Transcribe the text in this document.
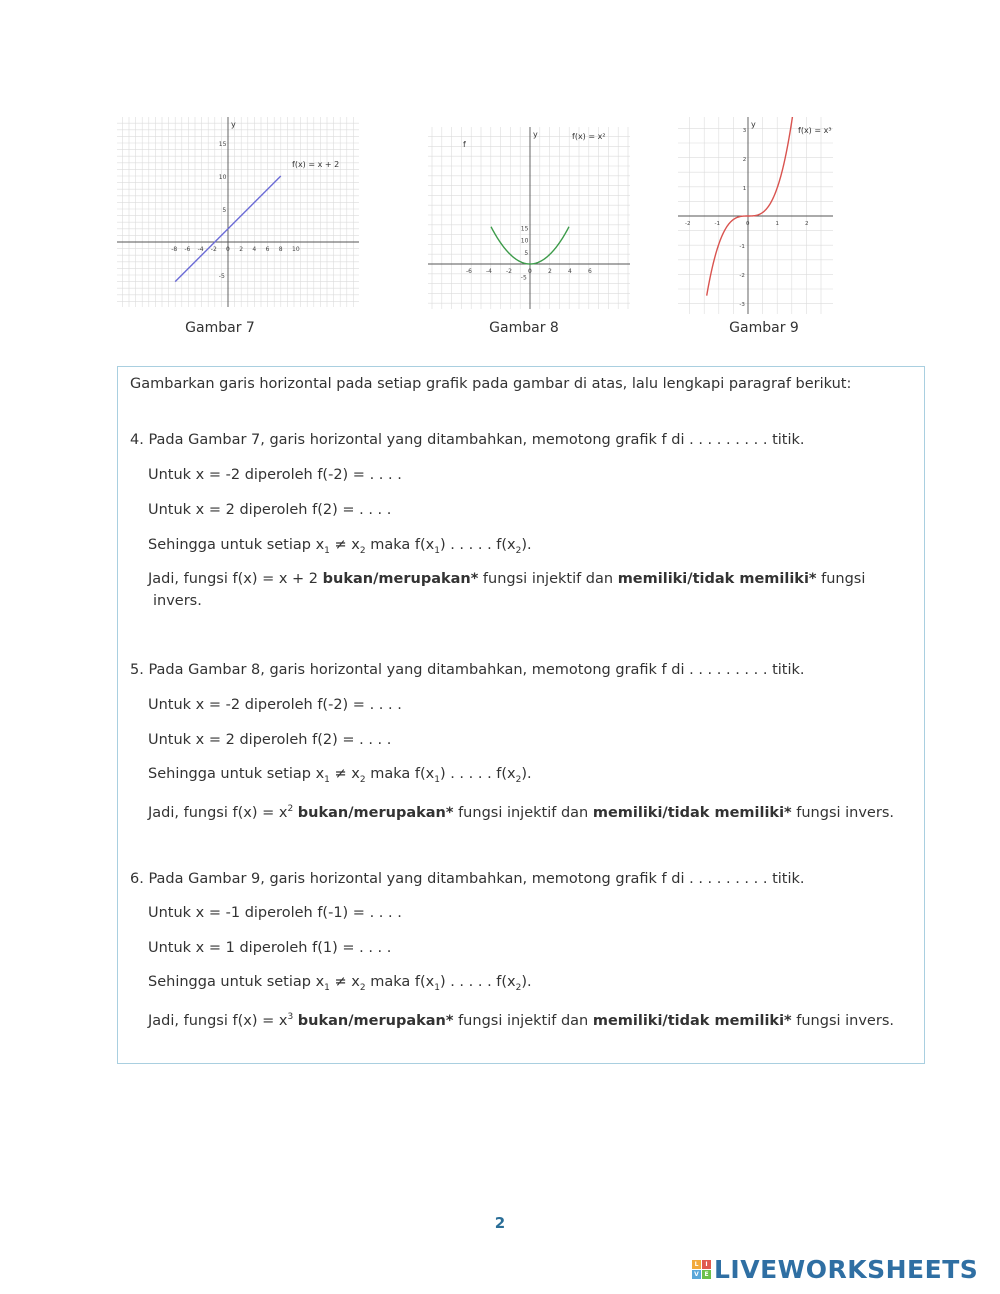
y
-8 -6 -4 -2 0 2 4 6 8 10
15
10
5
-5
f(x) = x + 2
y
-6 -4 -2	0	2	4	6
15
10
5
-5
f(x) = x²
f
y
-2	-1	0	1	2
3
2
1
-1
-2
-3
f(x) = x³
Gambar 7	Gambar 8	Gambar 9

Gambarkan garis horizontal pada setiap grafik pada gambar di atas, lalu lengkapi paragraf berikut:

4. Pada Gambar 7, garis horizontal yang ditambahkan, memotong grafik f di . . . . . . . . . titik.

Untuk x = -2 diperoleh f(-2) = . . . .

Untuk x = 2 diperoleh f(2) = . . . .

Sehingga untuk setiap $x_1 \ne x_2$ maka $f(x_1)$ . . . . . $f(x_2)$.

Jadi, fungsi f(x) = x + 2 bukan/merupakan* fungsi injektif dan memiliki/tidak memiliki* fungsi

invers.

5. Pada Gambar 8, garis horizontal yang ditambahkan, memotong grafik f di . . . . . . . . . titik.

Untuk x = -2 diperoleh f(-2) = . . . .

Untuk x = 2 diperoleh f(2) = . . . .

Sehingga untuk setiap $x_1 \ne x_2$ maka $f(x_1)$ . . . . . $f(x_2)$.

Jadi, fungsi $f(x) = x^2$ bukan/merupakan* fungsi injektif dan memiliki/tidak memiliki* fungsi invers.

6. Pada Gambar 9, garis horizontal yang ditambahkan, memotong grafik f di . . . . . . . . . titik.

Untuk x = -1 diperoleh f(-1) = . . . .

Untuk x = 1 diperoleh f(1) = . . . .

Sehingga untuk setiap $x_1 \ne x_2$ maka $f(x_1)$ . . . . . $f(x_2)$.

Jadi, fungsi $f(x) = x^3$ bukan/merupakan* fungsi injektif dan memiliki/tidak memiliki* fungsi invers.

2
L	I
V E LIVEWORKSHEETS
